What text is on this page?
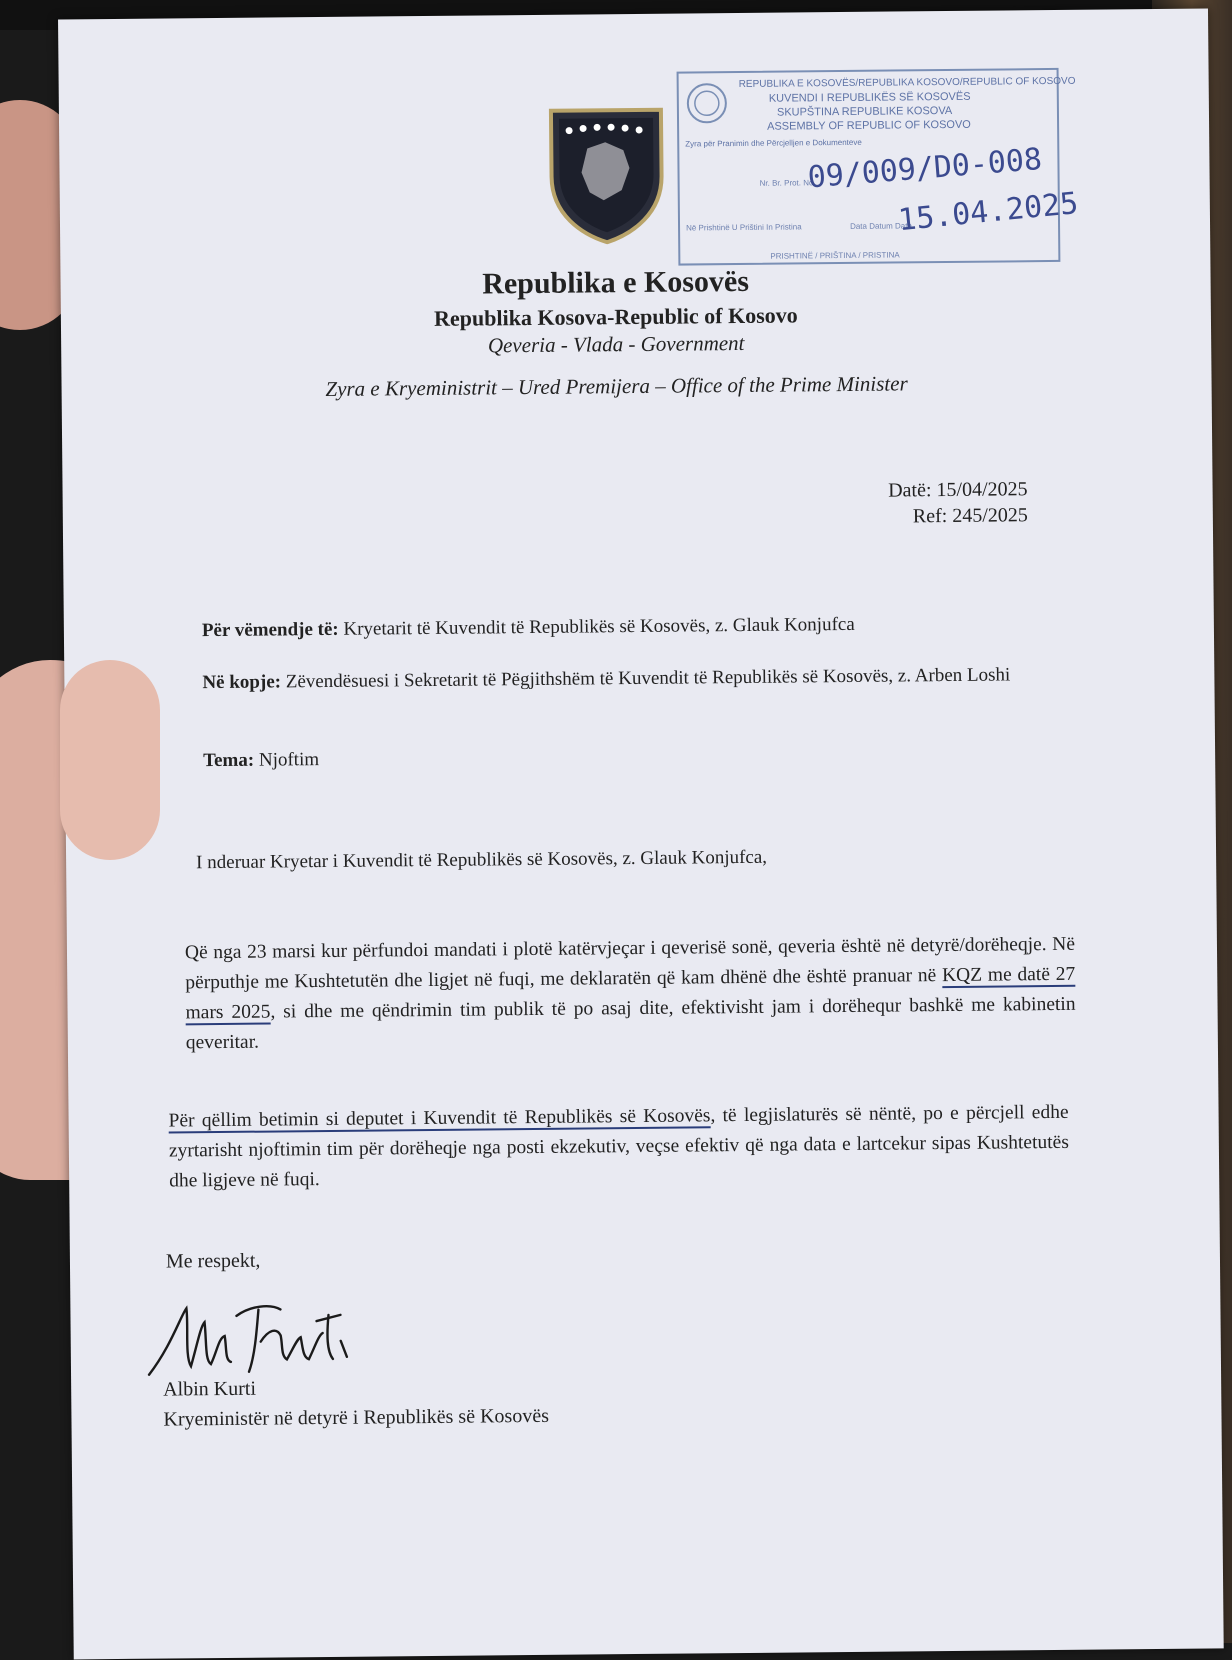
REPUBLIKA E KOSOVËS/REPUBLIKA KOSOVO/REPUBLIC OF KOSOVO
KUVENDI I REPUBLIKËS SË KOSOVËS
SKUPŠTINA REPUBLIKE KOSOVA
ASSEMBLY OF REPUBLIC OF KOSOVO
Zyra për Pranimin dhe Përcjelljen e Dokumenteve
Nr. Br. Prot. No.
09/009/D0-008
Në Prishtinë U Prištini In Pristina	Data Datum Date
15.04.2025
PRISHTINË / PRIŠTINA / PRISTINA
Republika e Kosovës
Republika Kosova-Republic of Kosovo
Qeveria - Vlada - Government
Zyra e Kryeministrit – Ured Premijera – Office of the Prime Minister
Datë: 15/04/2025
Ref: 245/2025
Për vëmendje të: Kryetarit të Kuvendit të Republikës së Kosovës, z. Glauk Konjufca
Në kopje: Zëvendësuesi i Sekretarit të Pëgjithshëm të Kuvendit të Republikës së Kosovës, z. Arben Loshi
Tema: Njoftim
I nderuar Kryetar i Kuvendit të Republikës së Kosovës, z. Glauk Konjufca,
Që nga 23 marsi kur përfundoi mandati i plotë katërvjeçar i qeverisë sonë, qeveria është në detyrë/dorëheqje. Në përputhje me Kushtetutën dhe ligjet në fuqi, me deklaratën që kam dhënë dhe është pranuar në KQZ me datë 27 mars 2025, si dhe me qëndrimin tim publik të po asaj dite, efektivisht jam i dorëhequr bashkë me kabinetin qeveritar.
Për qëllim betimin si deputet i Kuvendit të Republikës së Kosovës, të legjislaturës së nëntë, po e përcjell edhe zyrtarisht njoftimin tim për dorëheqje nga posti ekzekutiv, veçse efektiv që nga data e lartcekur sipas Kushtetutës dhe ligjeve në fuqi.
Me respekt,
Albin Kurti
Kryeministër në detyrë i Republikës së Kosovës
